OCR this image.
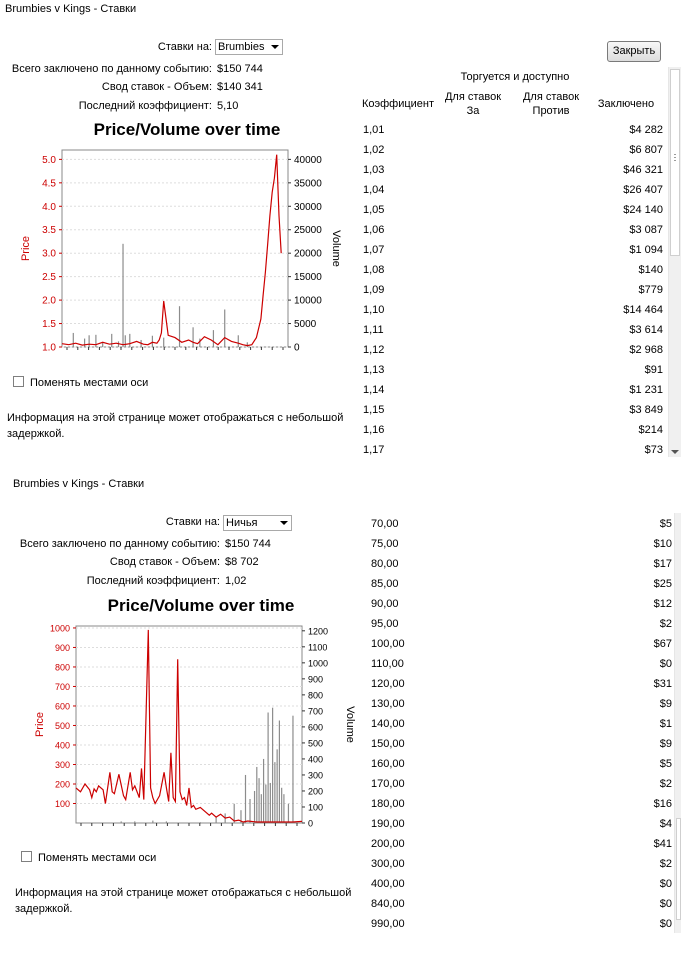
Brumbies v Kings - Ставки
Ставки на: Brumbies	Закрыть
Всего заключено по данному событию: $150 744
Свод ставок - Объем: $140 341
Последний коэффициент: 5,10
Price/Volume over time
1.0
1.5
2.0
2.5
3.0
3.5
4.0
4.5
5.0
0
5000
10000
15000
20000
25000
30000
35000
40000
Price	Volume
Поменять местами оси
Информация на этой странице может отображаться с небольшой задержкой.
Торгуется и доступно
Коэффициент
Для ставок За
Для ставок Против
Заключено
1,01	$4 282
1,02	$6 807
1,03	$46 321
1,04	$26 407
1,05	$24 140
1,06	$3 087
1,07	$1 094
1,08	$140
1,09	$779
1,10	$14 464
1,11	$3 614
1,12	$2 968
1,13	$91
1,14	$1 231
1,15	$3 849
1,16	$214
1,17	$73
Brumbies v Kings - Ставки
Ставки на: Ничья
Всего заключено по данному событию: $150 744
Свод ставок - Объем: $8 702
Последний коэффициент: 1,02
Price/Volume over time
100
200
300
400
500
600
700
800
900
1000
0
100
200
300
400
500
600
700
800
900
1000
1100
1200
Price	Volume
Поменять местами оси
Информация на этой странице может отображаться с небольшой задержкой.
70,00	$5
75,00	$10
80,00	$17
85,00	$25
90,00	$12
95,00	$2
100,00	$67
110,00	$0
120,00	$31
130,00	$9
140,00	$1
150,00	$9
160,00	$5
170,00	$2
180,00	$16
190,00	$4
200,00	$41
300,00	$2
400,00	$0
840,00	$0
990,00	$0
